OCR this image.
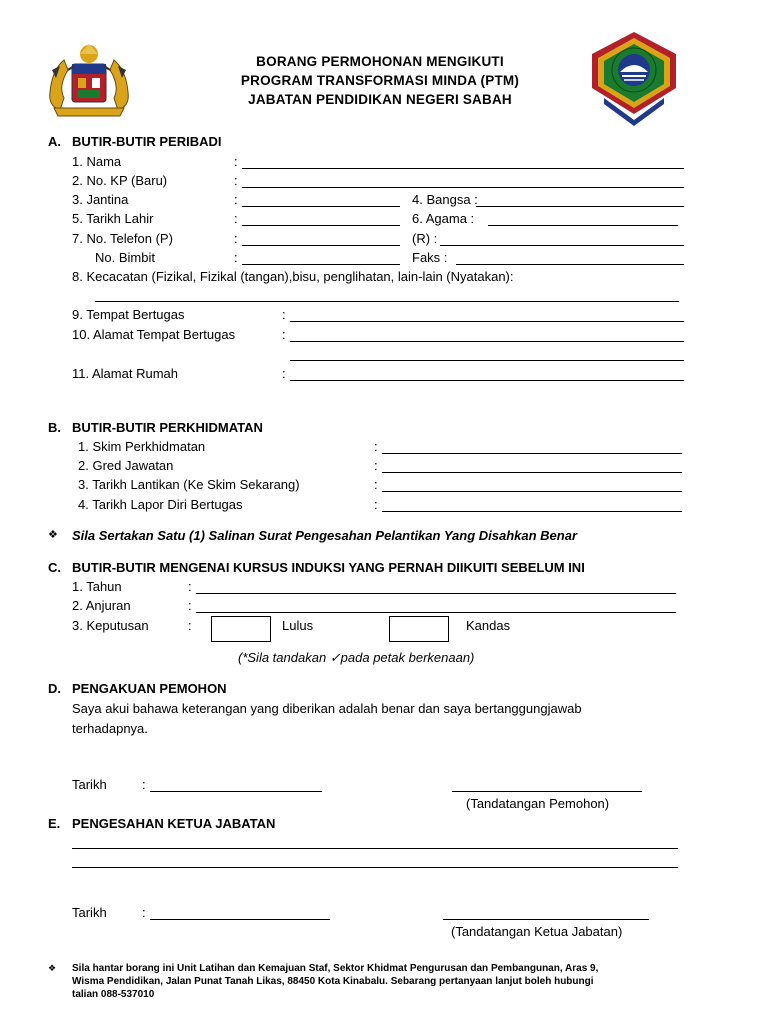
BORANG PERMOHONAN MENGIKUTI
PROGRAM TRANSFORMASI MINDA (PTM)
JABATAN PENDIDIKAN NEGERI SABAH
A. BUTIR-BUTIR PERIBADI
1. Nama	:
2. No. KP (Baru)	:
3. Jantina	:	4. Bangsa :
5. Tarikh Lahir	:	6. Agama :
7. No. Telefon (P)	:	(R) :
No. Bimbit	:	Faks :
8. Kecacatan (Fizikal, Fizikal (tangan),bisu, penglihatan, lain-lain (Nyatakan):
9. Tempat Bertugas	:
10. Alamat Tempat Bertugas	:
11. Alamat Rumah	:
B. BUTIR-BUTIR PERKHIDMATAN
1. Skim Perkhidmatan	:
2. Gred Jawatan	:
3. Tarikh Lantikan (Ke Skim Sekarang)	:
4. Tarikh Lapor Diri Bertugas	:
❖ Sila Sertakan Satu (1) Salinan Surat Pengesahan Pelantikan Yang Disahkan Benar
C. BUTIR-BUTIR MENGENAI KURSUS INDUKSI YANG PERNAH DIIKUITI SEBELUM INI
1. Tahun	:
2. Anjuran	:
3. Keputusan	:	Lulus	Kandas
(*Sila tandakan ✓pada petak berkenaan)
D. PENGAKUAN PEMOHON
Saya akui bahawa keterangan yang diberikan adalah benar dan saya bertanggungjawab
terhadapnya.
Tarikh	:
(Tandatangan Pemohon)
E. PENGESAHAN KETUA JABATAN
Tarikh	:
(Tandatangan Ketua Jabatan)
❖ Sila hantar borang ini Unit Latihan dan Kemajuan Staf, Sektor Khidmat Pengurusan dan Pembangunan, Aras 9,
Wisma Pendidikan, Jalan Punat Tanah Likas, 88450 Kota Kinabalu. Sebarang pertanyaan lanjut boleh hubungi
talian 088-537010
